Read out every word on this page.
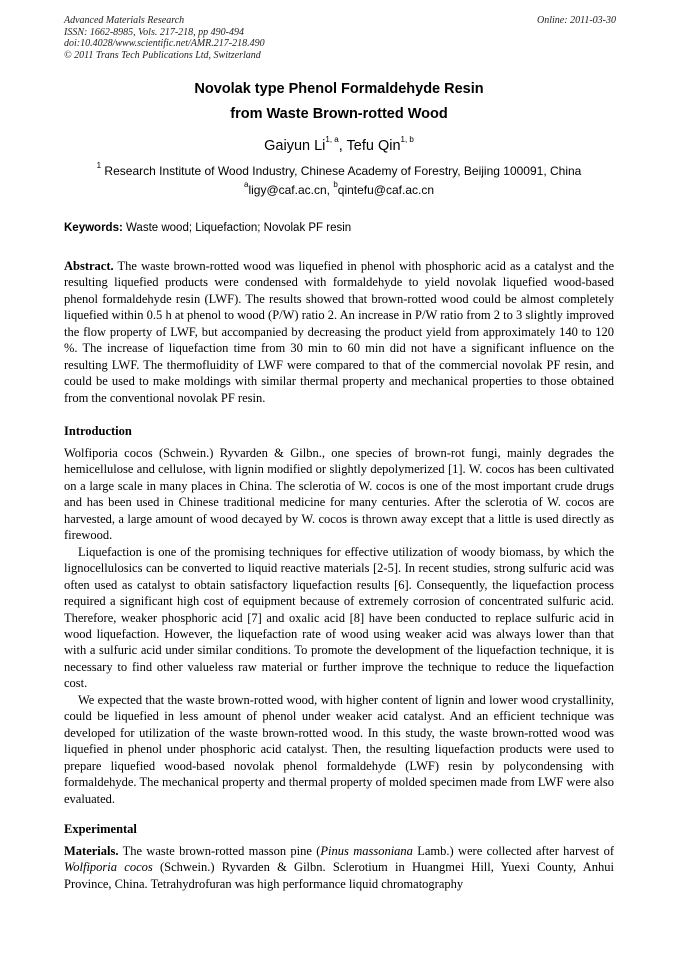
Advanced Materials Research
ISSN: 1662-8985, Vols. 217-218, pp 490-494
doi:10.4028/www.scientific.net/AMR.217-218.490
© 2011 Trans Tech Publications Ltd, Switzerland
Online: 2011-03-30
Novolak type Phenol Formaldehyde Resin
from Waste Brown-rotted Wood
Gaiyun Li$^{1, a}$, Tefu Qin$^{1, b}$
$^1$ Research Institute of Wood Industry, Chinese Academy of Forestry, Beijing 100091, China
$^a$ligy@caf.ac.cn, $^b$qintefu@caf.ac.cn
Keywords: Waste wood; Liquefaction; Novolak PF resin
Abstract. The waste brown-rotted wood was liquefied in phenol with phosphoric acid as a catalyst and the resulting liquefied products were condensed with formaldehyde to yield novolak liquefied wood-based phenol formaldehyde resin (LWF). The results showed that brown-rotted wood could be almost completely liquefied within 0.5 h at phenol to wood (P/W) ratio 2. An increase in P/W ratio from 2 to 3 slightly improved the flow property of LWF, but accompanied by decreasing the product yield from approximately 140 to 120 %. The increase of liquefaction time from 30 min to 60 min did not have a significant influence on the resulting LWF. The thermofluidity of LWF were compared to that of the commercial novolak PF resin, and could be used to make moldings with similar thermal property and mechanical properties to those obtained from the conventional novolak PF resin.
Introduction

Wolfiporia cocos (Schwein.) Ryvarden & Gilbn., one species of brown-rot fungi, mainly degrades the hemicellulose and cellulose, with lignin modified or slightly depolymerized [1]. W. cocos has been cultivated on a large scale in many places in China. The sclerotia of W. cocos is one of the most important crude drugs and has been used in Chinese traditional medicine for many centuries. After the sclerotia of W. cocos are harvested, a large amount of wood decayed by W. cocos is thrown away except that a little is used directly as firewood.

Liquefaction is one of the promising techniques for effective utilization of woody biomass, by which the lignocellulosics can be converted to liquid reactive materials [2-5]. In recent studies, strong sulfuric acid was often used as catalyst to obtain satisfactory liquefaction results [6]. Consequently, the liquefaction process required a significant high cost of equipment because of extremely corrosion of concentrated sulfuric acid. Therefore, weaker phosphoric acid [7] and oxalic acid [8] have been conducted to replace sulfuric acid in wood liquefaction. However, the liquefaction rate of wood using weaker acid was always lower than that with a sulfuric acid under similar conditions. To promote the development of the liquefaction technique, it is necessary to find other valueless raw material or further improve the technique to reduce the liquefaction cost.

We expected that the waste brown-rotted wood, with higher content of lignin and lower wood crystallinity, could be liquefied in less amount of phenol under weaker acid catalyst. And an efficient technique was developed for utilization of the waste brown-rotted wood. In this study, the waste brown-rotted wood was liquefied in phenol under phosphoric acid catalyst. Then, the resulting liquefaction products were used to prepare liquefied wood-based novolak phenol formaldehyde (LWF) resin by polycondensing with formaldehyde. The mechanical property and thermal property of molded specimen made from LWF were also evaluated.

Experimental
Materials. The waste brown-rotted masson pine (Pinus massoniana Lamb.) were collected after harvest of Wolfiporia cocos (Schwein.) Ryvarden & Gilbn. Sclerotium in Huangmei Hill, Yuexi County, Anhui Province, China. Tetrahydrofuran was high performance liquid chromatography
